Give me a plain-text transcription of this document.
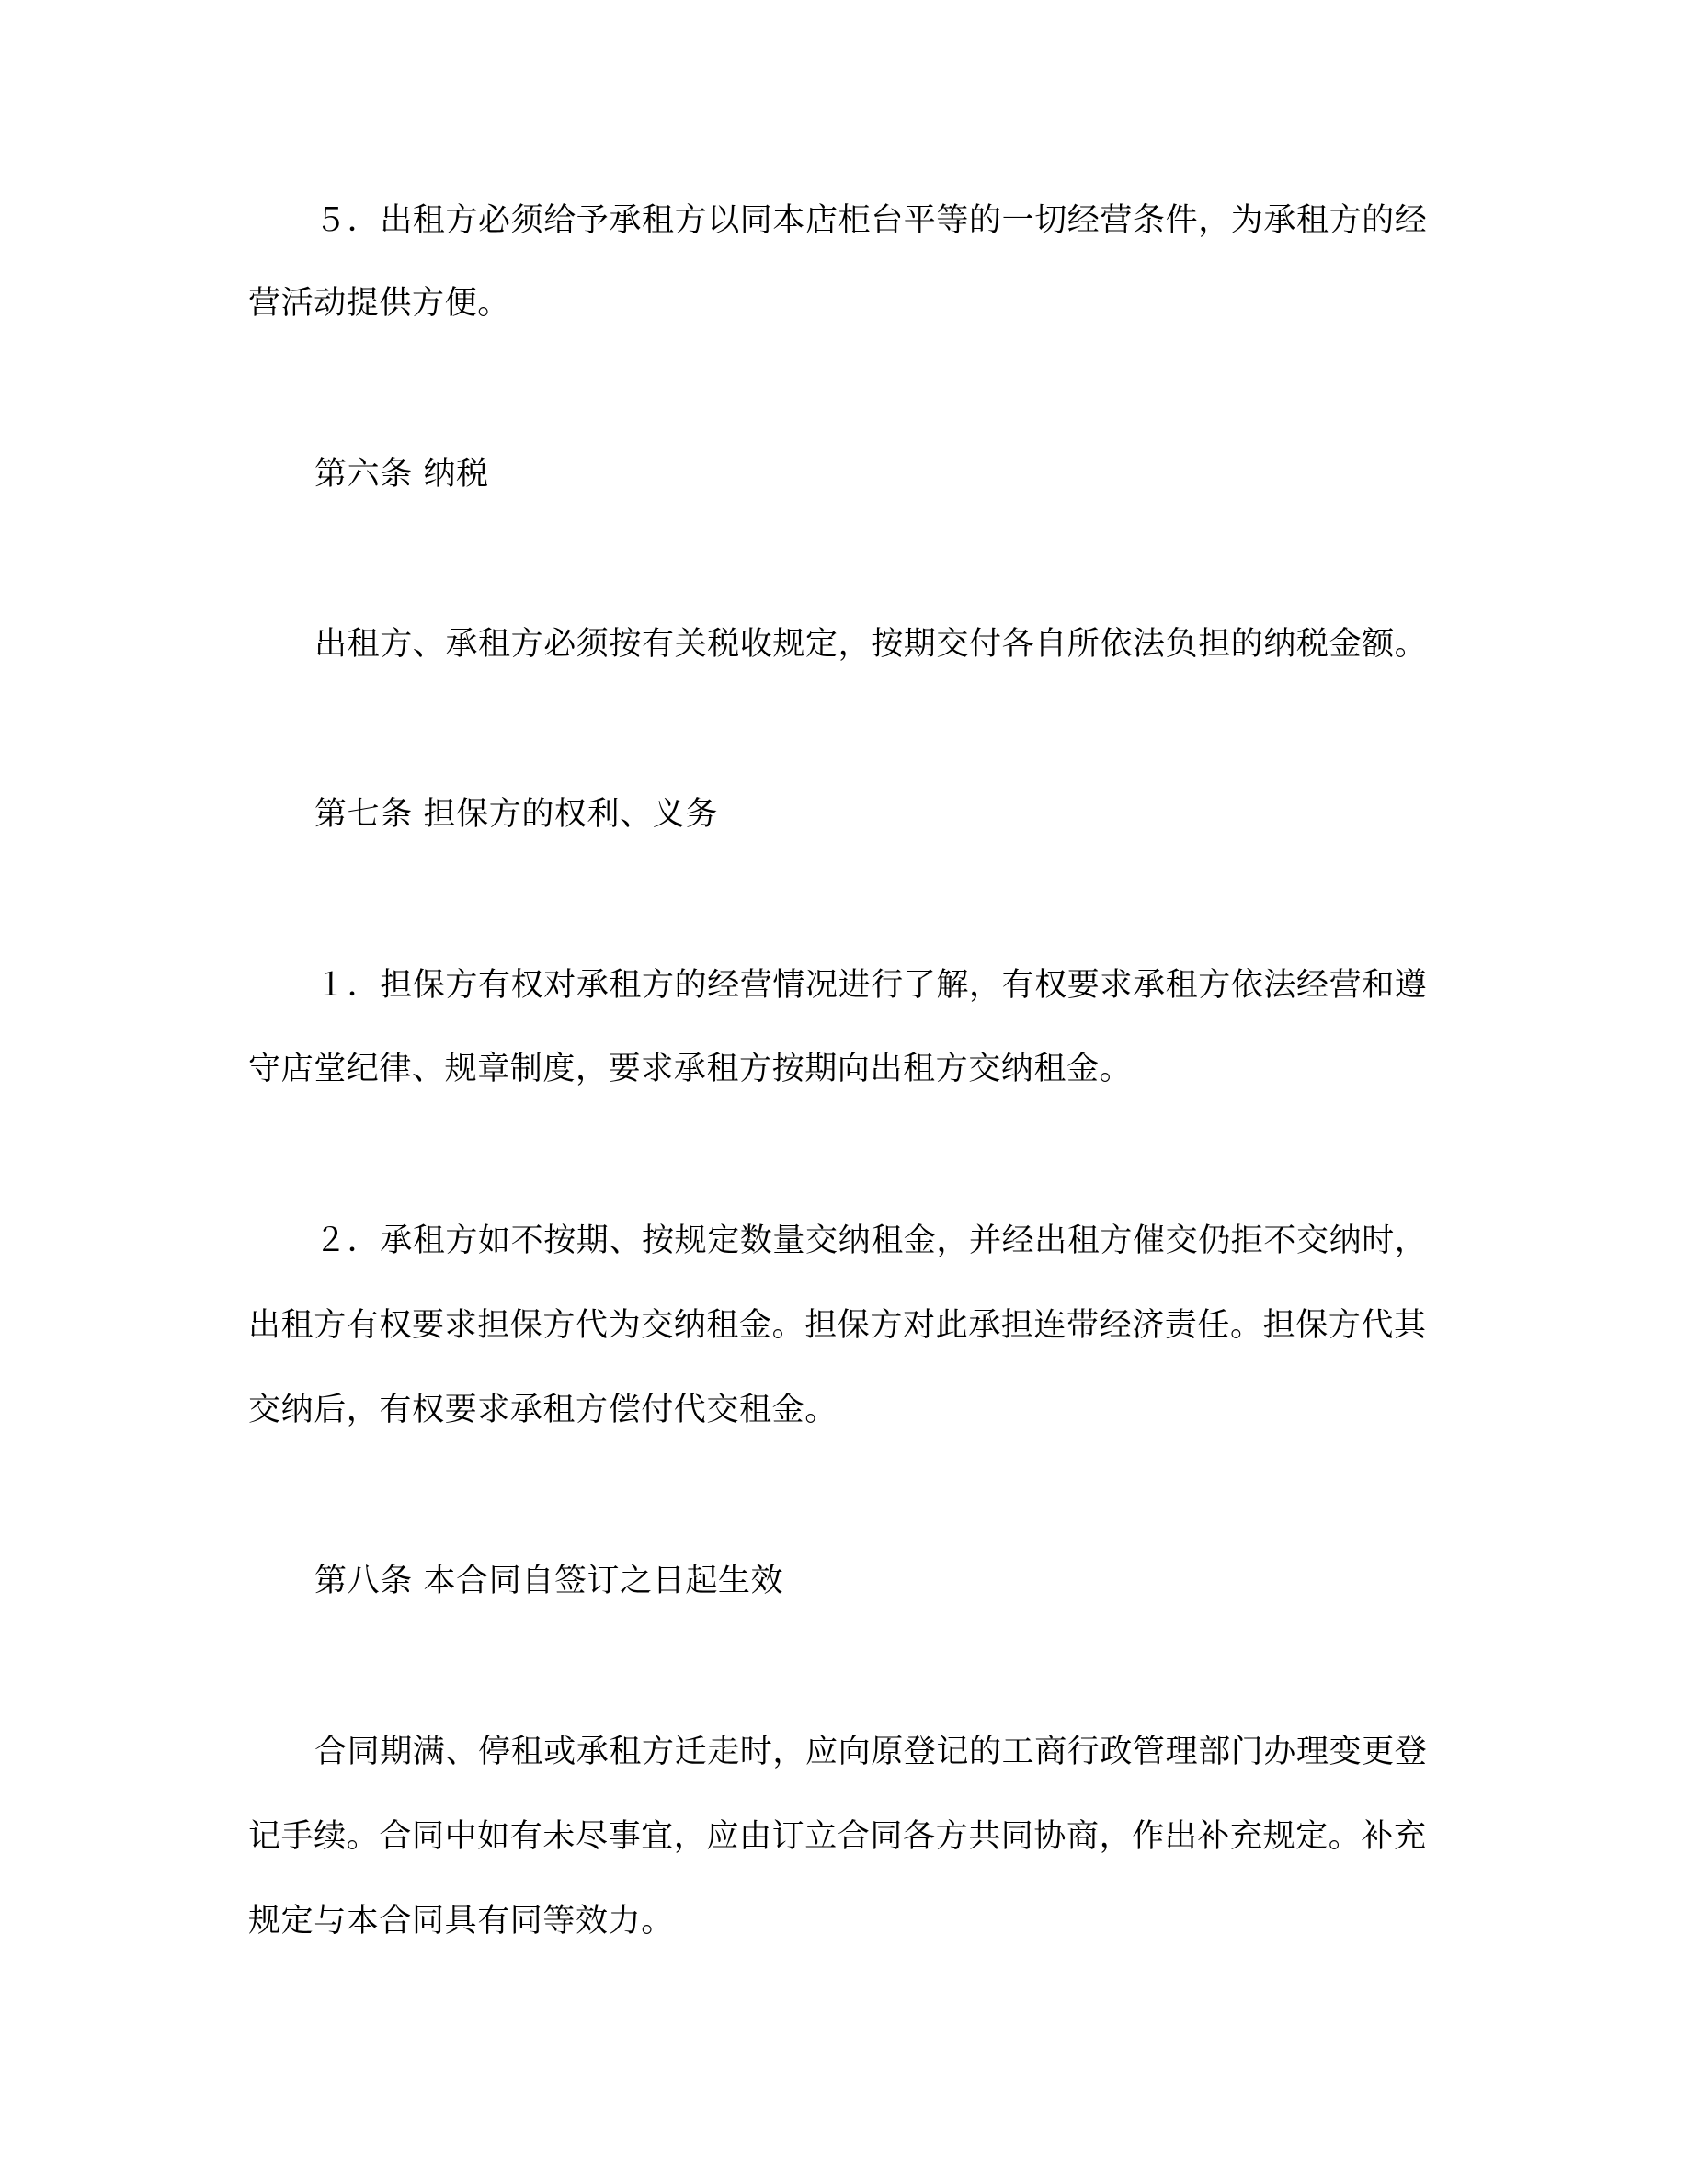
５．出租方必须给予承租方以同本店柜台平等的一切经营条件，为承租方的经
营活动提供方便。
第六条 纳税
出租方、承租方必须按有关税收规定，按期交付各自所依法负担的纳税金额。
第七条 担保方的权利、义务
１．担保方有权对承租方的经营情况进行了解，有权要求承租方依法经营和遵
守店堂纪律、规章制度，要求承租方按期向出租方交纳租金。
２．承租方如不按期、按规定数量交纳租金，并经出租方催交仍拒不交纳时，
出租方有权要求担保方代为交纳租金。担保方对此承担连带经济责任。担保方代其
交纳后，有权要求承租方偿付代交租金。
第八条 本合同自签订之日起生效
合同期满、停租或承租方迁走时，应向原登记的工商行政管理部门办理变更登
记手续。合同中如有未尽事宜，应由订立合同各方共同协商，作出补充规定。补充
规定与本合同具有同等效力。
